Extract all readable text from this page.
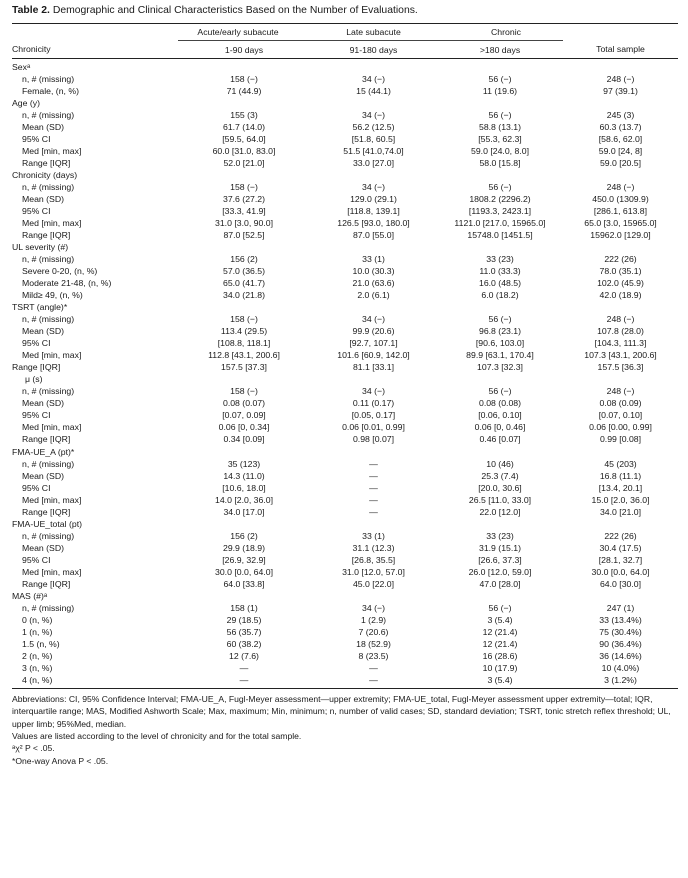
Table 2. Demographic and Clinical Characteristics Based on the Number of Evaluations.
	Acute/early subacute	Late subacute	Chronic	
Chronicity	1-90 days	91-180 days	>180 days	Total sample
Sexᵃ				
n, # (missing)	158 (−)	34 (−)	56 (−)	248 (−)
Female, (n, %)	71 (44.9)	15 (44.1)	11 (19.6)	97 (39.1)
Age (y)				
n, # (missing)	155 (3)	34 (−)	56 (−)	245 (3)
Mean (SD)	61.7 (14.0)	56.2 (12.5)	58.8 (13.1)	60.3 (13.7)
95% CI	[59.5, 64.0]	[51.8, 60.5]	[55.3, 62.3]	[58.6, 62.0]
Med [min, max]	60.0 [31.0, 83.0]	51.5 [41.0,74.0]	59.0 [24.0, 8.0]	59.0 [24, 8]
Range [IQR]	52.0 [21.0]	33.0 [27.0]	58.0 [15.8]	59.0 [20.5]
Chronicity (days)				
n, # (missing)	158 (−)	34 (−)	56 (−)	248 (−)
Mean (SD)	37.6 (27.2)	129.0 (29.1)	1808.2 (2296.2)	450.0 (1309.9)
95% CI	[33.3, 41.9]	[118.8, 139.1]	[1193.3, 2423.1]	[286.1, 613.8]
Med [min, max]	31.0 [3.0, 90.0]	126.5 [93.0, 180.0]	1121.0 [217.0, 15965.0]	65.0 [3.0, 15965.0]
Range [IQR]	87.0 [52.5]	87.0 [55.0]	15748.0 [1451.5]	15962.0 [129.0]
UL severity (#)				
n, # (missing)	156 (2)	33 (1)	33 (23)	222 (26)
Severe 0-20, (n, %)	57.0 (36.5)	10.0 (30.3)	11.0 (33.3)	78.0 (35.1)
Moderate 21-48, (n, %)	65.0 (41.7)	21.0 (63.6)	16.0 (48.5)	102.0 (45.9)
Mild≥ 49, (n, %)	34.0 (21.8)	2.0 (6.1)	6.0 (18.2)	42.0 (18.9)
TSRT (angle)*				
n, # (missing)	158 (−)	34 (−)	56 (−)	248 (−)
Mean (SD)	113.4 (29.5)	99.9 (20.6)	96.8 (23.1)	107.8 (28.0)
95% CI	[108.8, 118.1]	[92.7, 107.1]	[90.6, 103.0]	[104.3, 111.3]
Med [min, max]	112.8 [43.1, 200.6]	101.6 [60.9, 142.0]	89.9 [63.1, 170.4]	107.3 [43.1, 200.6]
Range [IQR]	157.5 [37.3]	81.1 [33.1]	107.3 [32.3]	157.5 [36.3]
μ (s)				
n, # (missing)	158 (−)	34 (−)	56 (−)	248 (−)
Mean (SD)	0.08 (0.07)	0.11 (0.17)	0.08 (0.08)	0.08 (0.09)
95% CI	[0.07, 0.09]	[0.05, 0.17]	[0.06, 0.10]	[0.07, 0.10]
Med [min, max]	0.06 [0, 0.34]	0.06 [0.01, 0.99]	0.06 [0, 0.46]	0.06 [0.00, 0.99]
Range [IQR]	0.34 [0.09]	0.98 [0.07]	0.46 [0.07]	0.99 [0.08]
FMA-UE_A (pt)*				
n, # (missing)	35 (123)	—	10 (46)	45 (203)
Mean (SD)	14.3 (11.0)	—	25.3 (7.4)	16.8 (11.1)
95% CI	[10.6, 18.0]	—	[20.0, 30.6]	[13.4, 20.1]
Med [min, max]	14.0 [2.0, 36.0]	—	26.5 [11.0, 33.0]	15.0 [2.0, 36.0]
Range [IQR]	34.0 [17.0]	—	22.0 [12.0]	34.0 [21.0]
FMA-UE_total (pt)				
n, # (missing)	156 (2)	33 (1)	33 (23)	222 (26)
Mean (SD)	29.9 (18.9)	31.1 (12.3)	31.9 (15.1)	30.4 (17.5)
95% CI	[26.9, 32.9]	[26.8, 35.5]	[26.6, 37.3]	[28.1, 32.7]
Med [min, max]	30.0 [0.0, 64.0]	31.0 [12.0, 57.0]	26.0 [12.0, 59.0]	30.0 [0.0, 64.0]
Range [IQR]	64.0 [33.8]	45.0 [22.0]	47.0 [28.0]	64.0 [30.0]
MAS (#)ᵃ				
n, # (missing)	158 (1)	34 (−)	56 (−)	247 (1)
0 (n, %)	29 (18.5)	1 (2.9)	3 (5.4)	33 (13.4%)
1 (n, %)	56 (35.7)	7 (20.6)	12 (21.4)	75 (30.4%)
1.5 (n, %)	60 (38.2)	18 (52.9)	12 (21.4)	90 (36.4%)
2 (n, %)	12 (7.6)	8 (23.5)	16 (28.6)	36 (14.6%)
3 (n, %)	—	—	10 (17.9)	10 (4.0%)
4 (n, %)	—	—	3 (5.4)	3 (1.2%)

Abbreviations: CI, 95% Confidence Interval; FMA-UE_A, Fugl-Meyer assessment—upper extremity; FMA-UE_total, Fugl-Meyer assessment upper extremity—total; IQR, interquartile range; MAS, Modified Ashworth Scale; Max, maximum; Min, minimum; n, number of valid cases; SD, standard deviation; TSRT, tonic stretch reflex threshold; UL, upper limb; 95%Med, median.

Values are listed according to the level of chronicity and for the total sample.

ᵃχ² P < .05.

*One-way Anova P < .05.
